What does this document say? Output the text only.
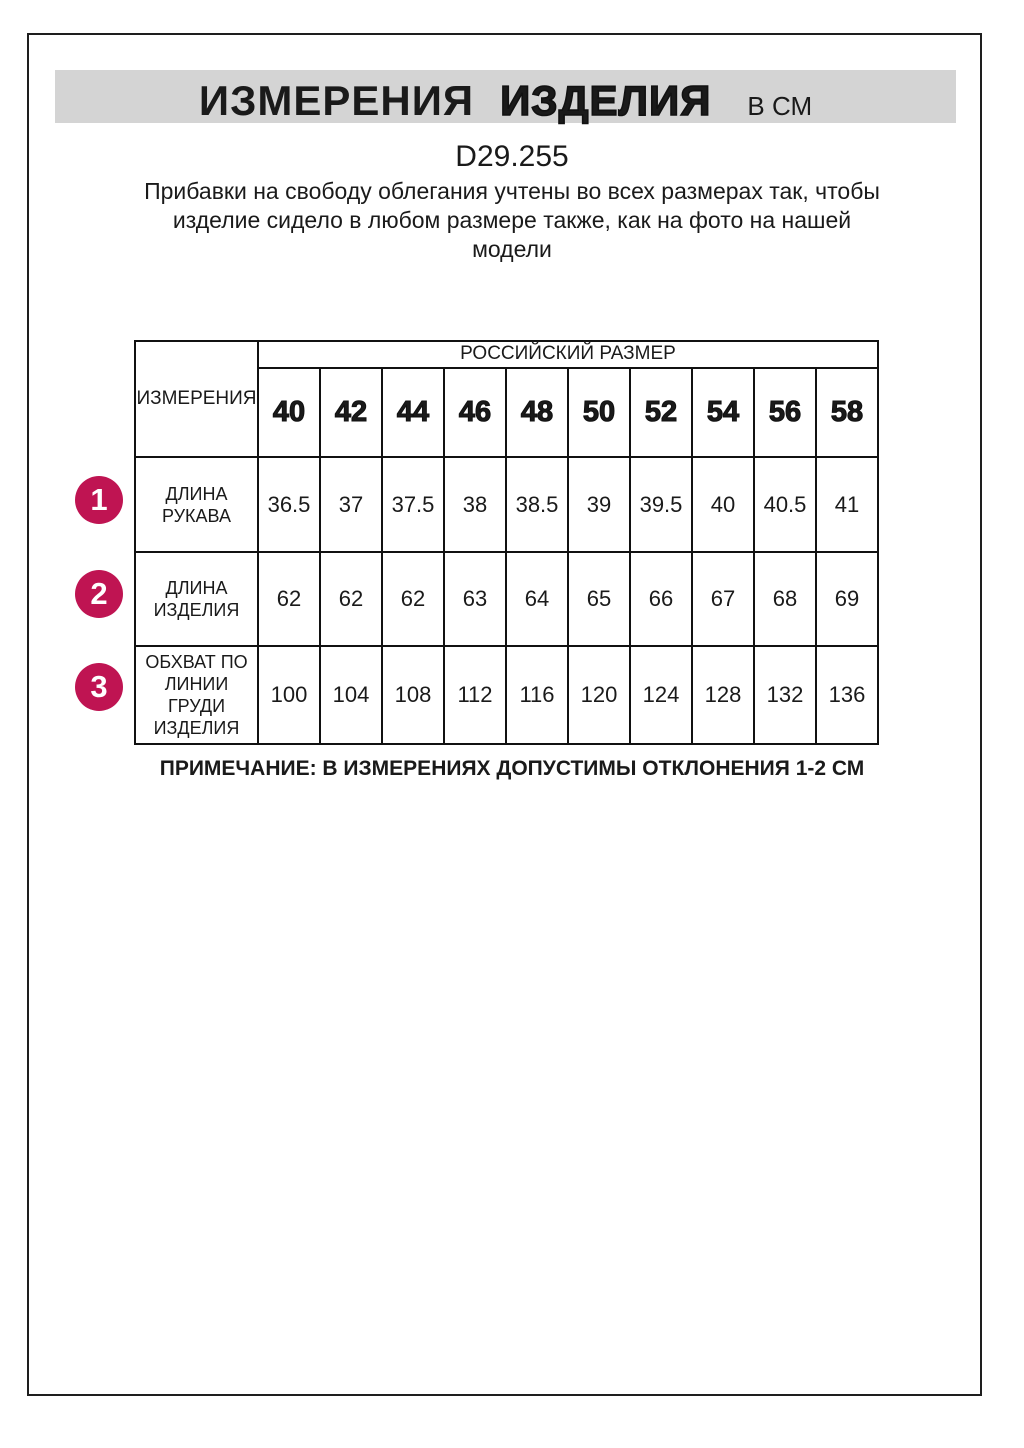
ИЗМЕРЕНИЯ ИЗДЕЛИЯ В СМ
D29.255
Прибавки на свободу облегания учтены во всех размерах так, чтобы
изделие сидело в любом размере также, как на фото на нашей
модели
1
2
3
ИЗМЕРЕНИЯ	РОССИЙСКИЙ РАЗМЕР									
	40	42	44	46	48	50	52	54	56	58

ДЛИНА
РУКАВА	36.5	37	37.5	38	38.5	39	39.5	40	40.5	41

ДЛИНА
ИЗДЕЛИЯ	62	62	62	63	64	65	66	67	68	69

ОБХВАТ ПО
ЛИНИИ
ГРУДИ
ИЗДЕЛИЯ	100	104	108	112	116	120	124	128	132	136
ПРИМЕЧАНИЕ: В ИЗМЕРЕНИЯХ ДОПУСТИМЫ ОТКЛОНЕНИЯ 1-2 СМ
